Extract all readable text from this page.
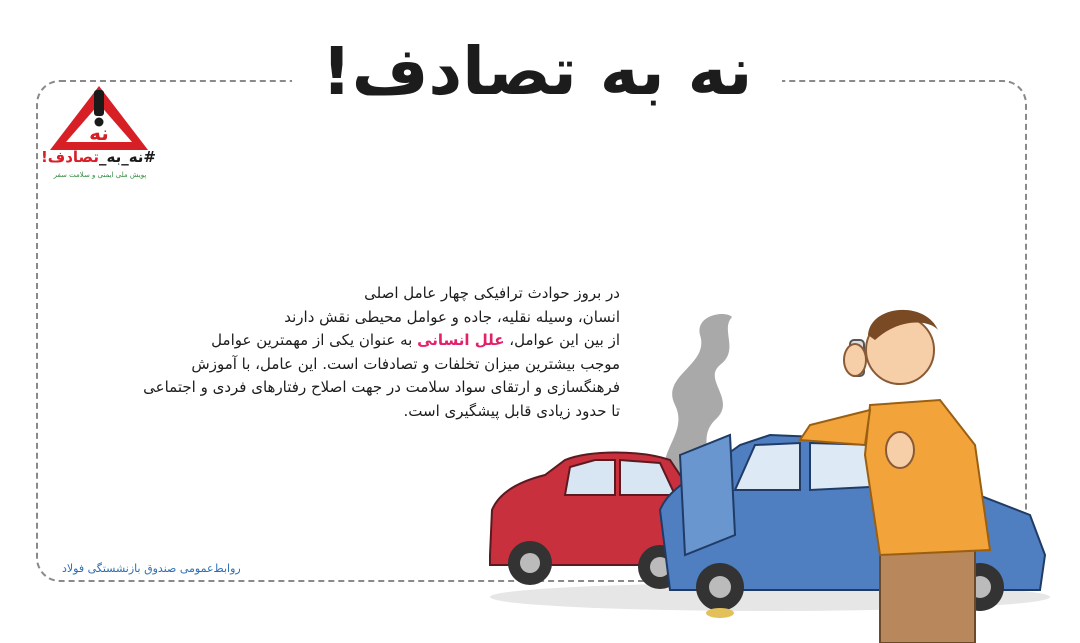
نه به تصادف!
نه
#نه_به_تصادف!
پویش ملی ایمنی و سلامت سفر
در بروز حوادث ترافیکی چهار عامل اصلی
انسان، وسیله نقلیه، جاده و عوامل محیطی نقش دارند
از بین این عوامل، علل انسانی به عنوان یکی از مهمترین عوامل
موجب بیشترین میزان تخلفات و تصادفات است. این عامل، با آموزش
فرهنگسازی و ارتقای سواد سلامت در جهت اصلاح رفتارهای فردی و اجتماعی
تا حدود زیادی قابل پیشگیری است.
روابط‌عمومی صندوق بازنشستگی فولاد
